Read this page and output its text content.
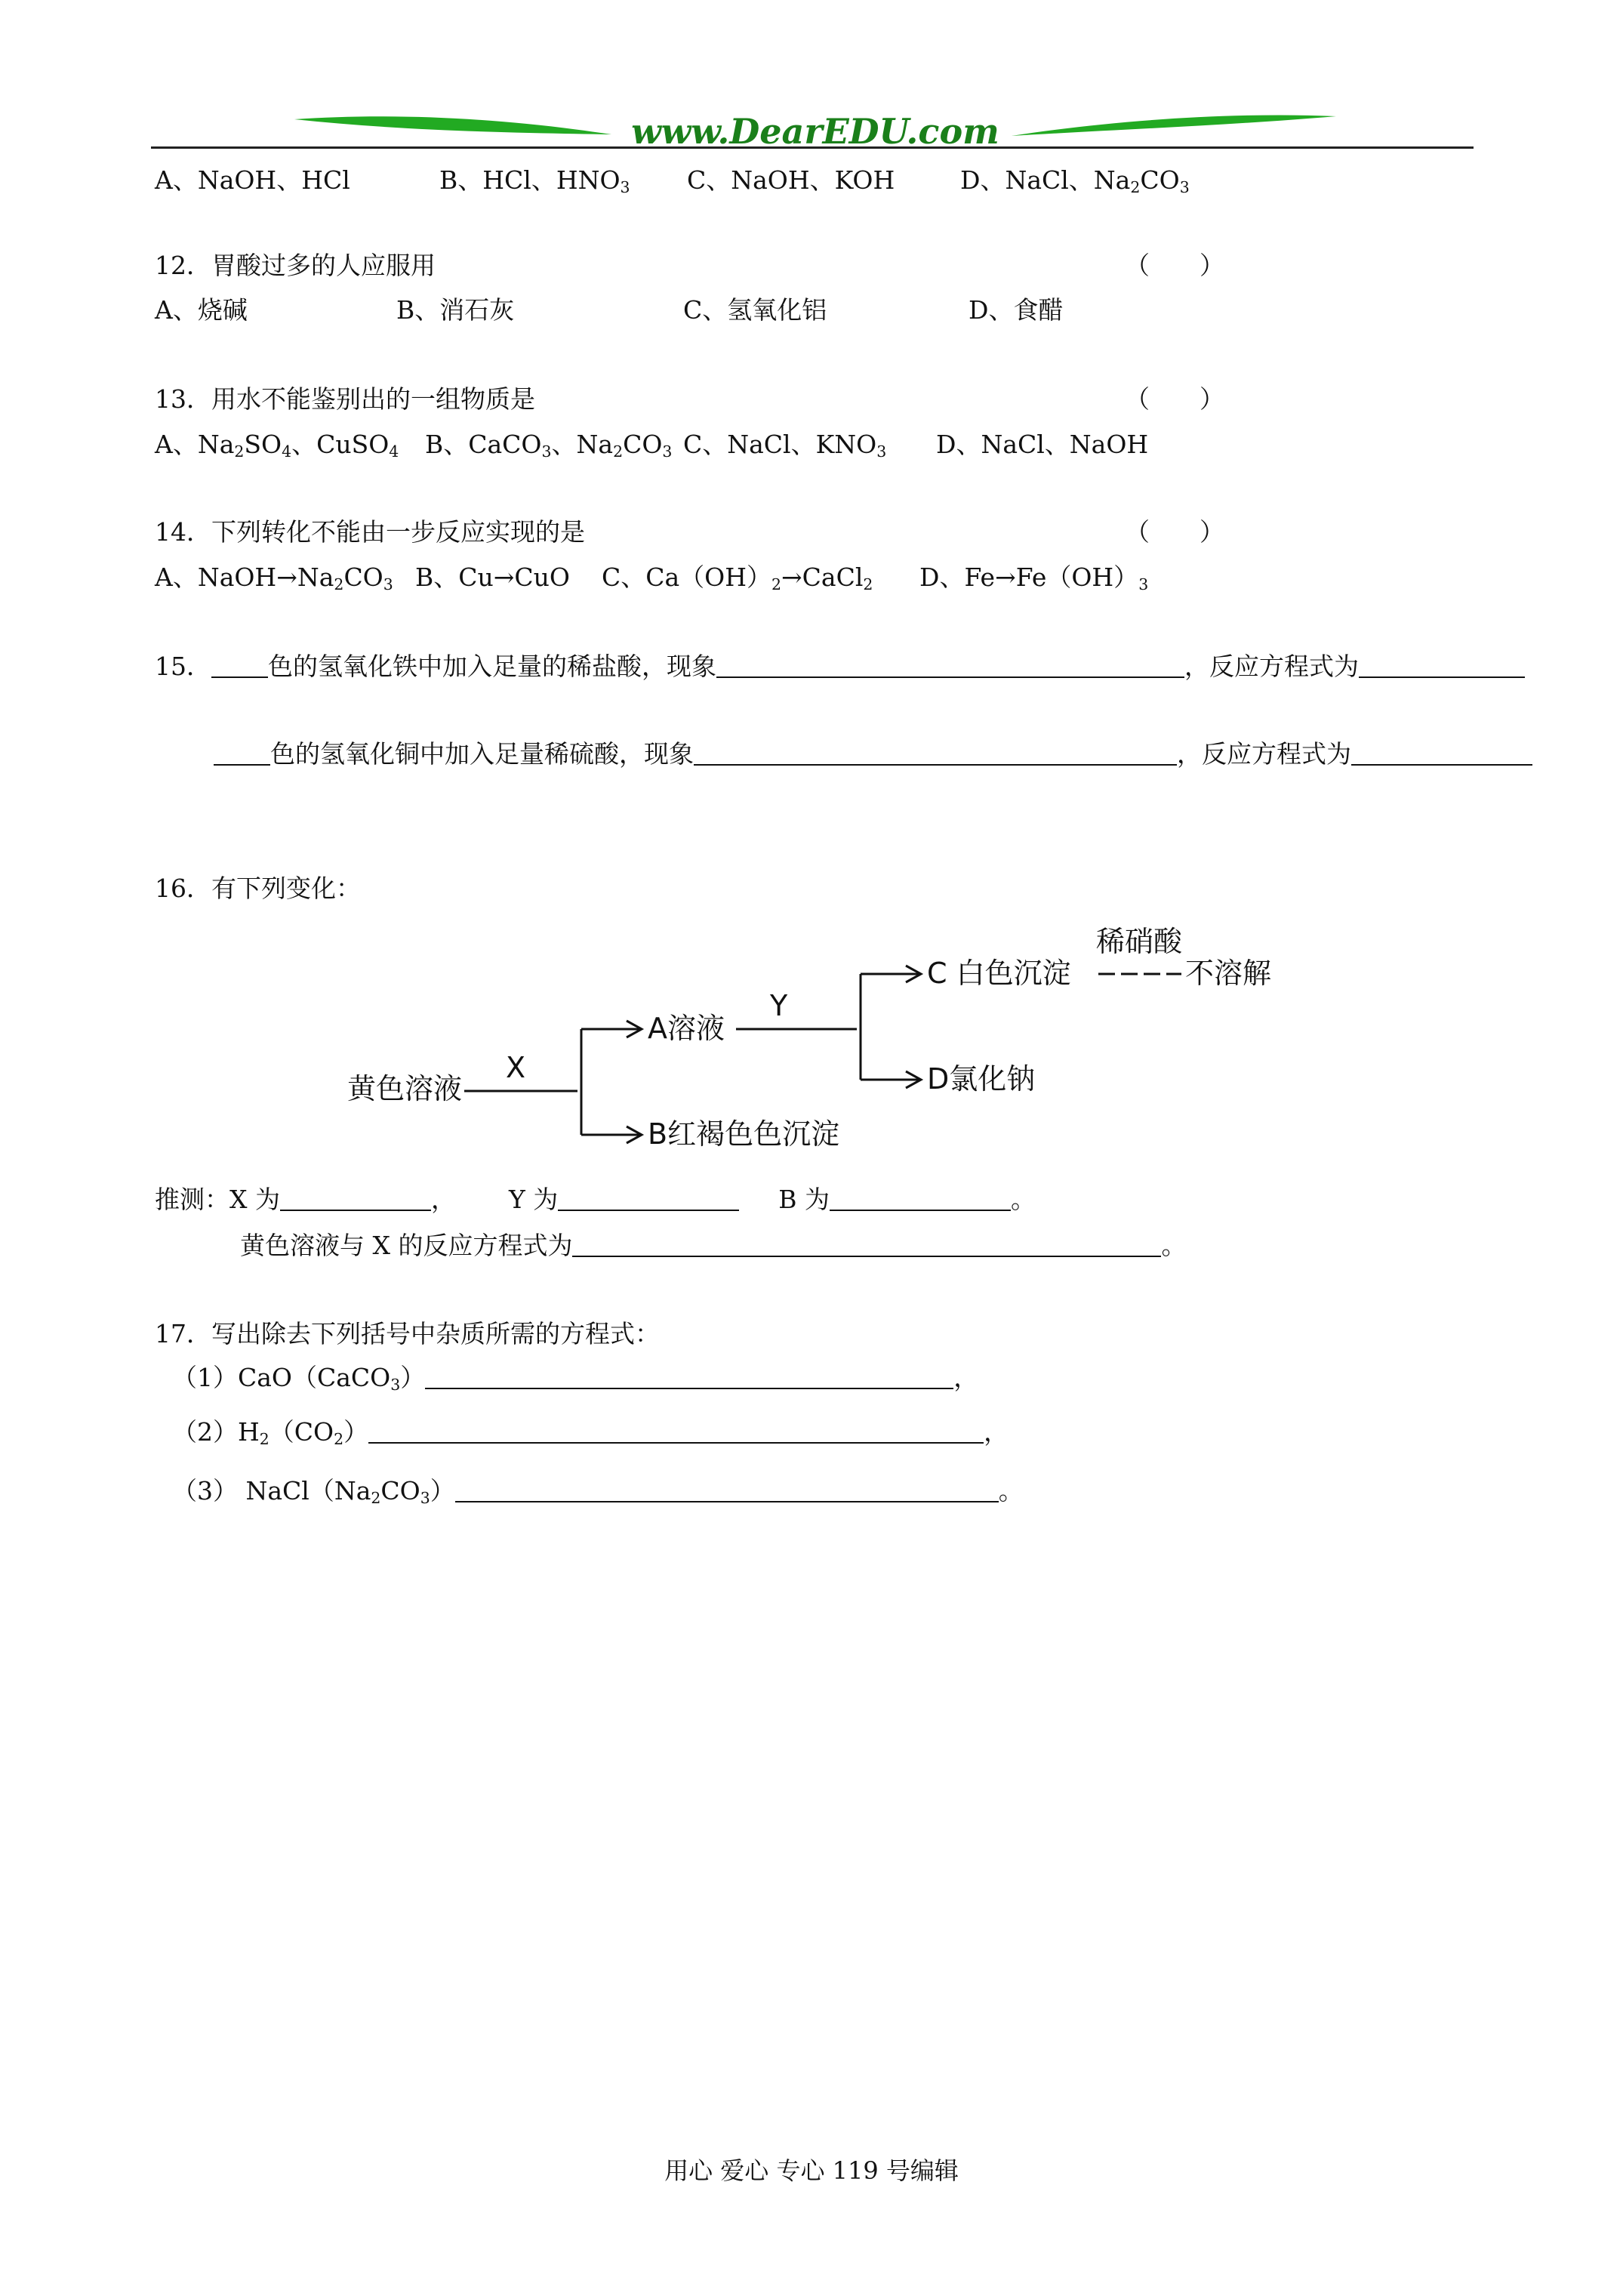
www.DearEDU.com
A、NaOH、HCl	B、HCl、$HNO_3$ C、NaOH、KOH	D、NaCl、$Na_2CO_3$
12．胃酸过多的人应服用	（　　）
A、烧碱	B、消石灰	C、氢氧化铝	D、食醋
13．用水不能鉴别出的一组物质是	（　　）
A、$Na_2SO_4$、CuSO$_4$ B、CaCO$_3$、$Na_2CO_3$ C、NaCl、$KNO_3$ D、NaCl、NaOH
14．下列转化不能由一步反应实现的是	（　　）
A、$NaOH\to Na_2CO_3$ B、Cu→CuO C、$Ca(OH)_2\to CaCl_2$ D、$Fe\to Fe(OH)_3$
15． 色的氢氧化铁中加入足量的稀盐酸，现象	，反应方程式为
色的氢氧化铜中加入足量稀硫酸，现象	，反应方程式为
16．有下列变化：
黄色溶液
X
A溶液
B红褐色色沉淀
Y
C 白色沉淀
D氯化钠
稀硝酸
不溶解
推测：X 为	， Y 为	B 为	。
黄色溶液与 X 的反应方程式为	。
17．写出除去下列括号中杂质所需的方程式：
（1）CaO（CaCO$_3$）	，
$(2)H_2(CO_2)$	，
（3） $NaCl(Na_2CO_3)$	。
用心 爱心 专心 119 号编辑
